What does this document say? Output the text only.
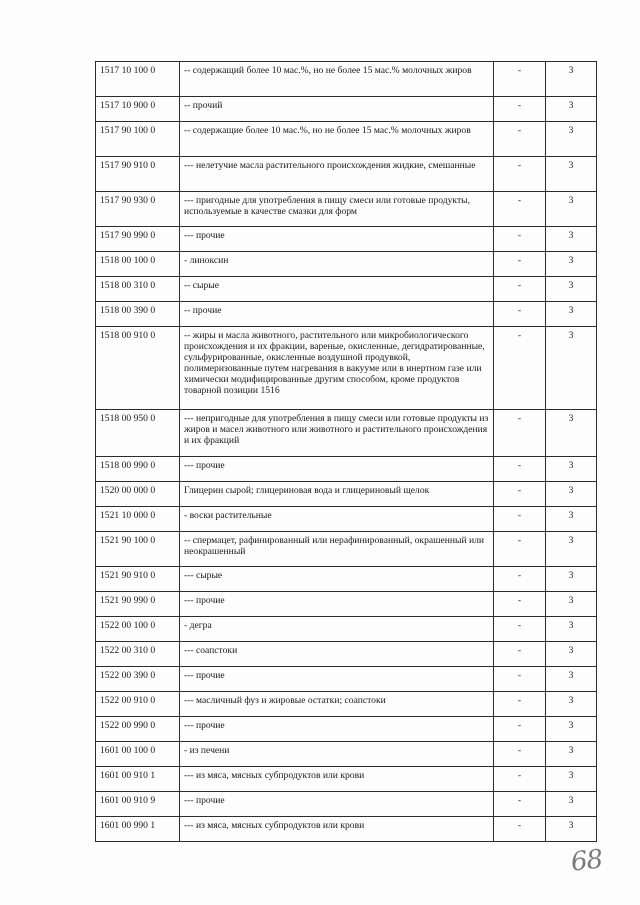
1517 10 100 0	-- содержащий более 10 мас.%, но не более 15 мас.% молочных жиров	-	3
1517 10 900 0	-- прочий	-	3
1517 90 100 0	-- содержащие более 10 мас.%, но не более 15 мас.% молочных жиров	-	3
1517 90 910 0	--- нелетучие масла растительного происхождения жидкие, смешанные	-	3
1517 90 930 0	--- пригодные для употребления в пищу смеси или готовые продукты, используемые в качестве смазки для форм	-	3
1517 90 990 0	--- прочие	-	3
1518 00 100 0	- линоксин	-	3
1518 00 310 0	-- сырые	-	3
1518 00 390 0	-- прочие	-	3
1518 00 910 0	-- жиры и масла животного, растительного или микробиологического происхождения и их фракции, вареные, окисленные, дегидратированные, сульфурированные, окисленные воздушной продувкой, полимеризованные путем нагревания в вакууме или в инертном газе или химически модифицированные другим способом, кроме продуктов товарной позиции 1516	-	3
1518 00 950 0	--- непригодные для употребления в пищу смеси или готовые продукты из жиров и масел животного или животного и растительного происхождения и их фракций	-	3
1518 00 990 0	--- прочие	-	3
1520 00 000 0	Глицерин сырой; глицериновая вода и глицериновый щелок	-	3
1521 10 000 0	- воски растительные	-	3
1521 90 100 0	-- спермацет, рафинированный или нерафинированный, окрашенный или неокрашенный	-	3
1521 90 910 0	--- сырые	-	3
1521 90 990 0	--- прочие	-	3
1522 00 100 0	- дегра	-	3
1522 00 310 0	--- соапстоки	-	3
1522 00 390 0	--- прочие	-	3
1522 00 910 0	--- масличный фуз и жировые остатки; соапстоки	-	3
1522 00 990 0	--- прочие	-	3
1601 00 100 0	- из печени	-	3
1601 00 910 1	--- из мяса, мясных субпродуктов или крови	-	3
1601 00 910 9	--- прочие	-	3
1601 00 990 1	--- из мяса, мясных субпродуктов или крови	-	3
68
